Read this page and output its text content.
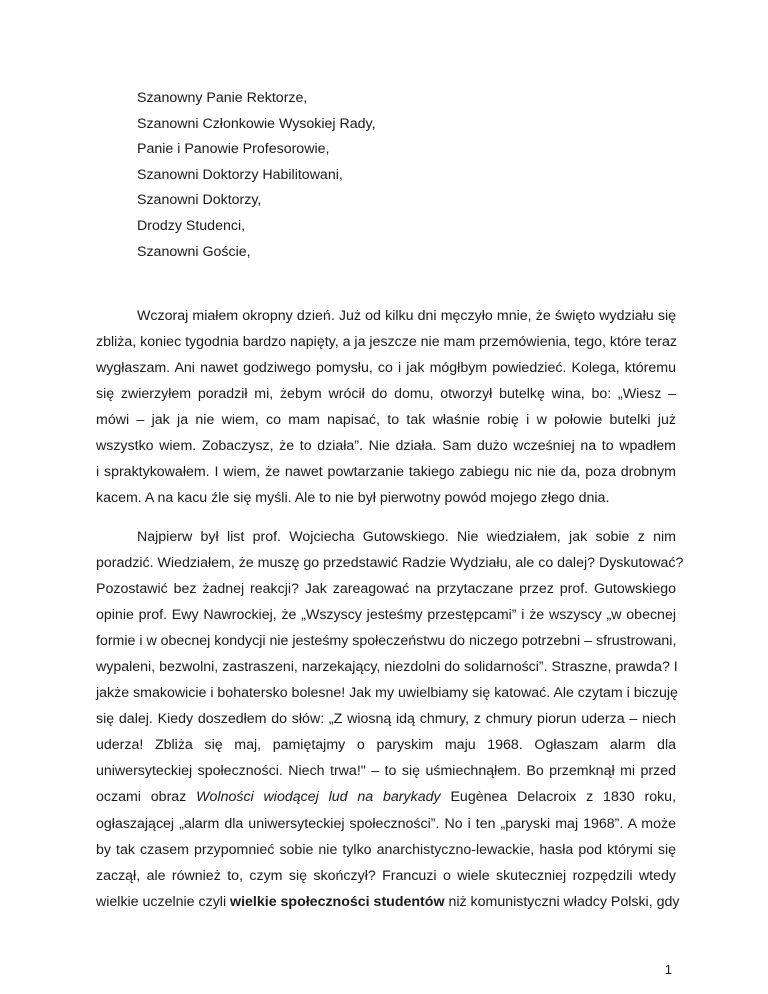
Szanowny Panie Rektorze,
Szanowni Członkowie Wysokiej Rady,
Panie i Panowie Profesorowie,
Szanowni Doktorzy Habilitowani,
Szanowni Doktorzy,
Drodzy Studenci,
Szanowni Goście,
Wczoraj miałem okropny dzień. Już od kilku dni męczyło mnie, że święto wydziału się
zbliża, koniec tygodnia bardzo napięty, a ja jeszcze nie mam przemówienia, tego, które teraz
wygłaszam. Ani nawet godziwego pomysłu, co i jak mógłbym powiedzieć. Kolega, któremu
się zwierzyłem poradził mi, żebym wrócił do domu, otworzył butelkę wina, bo: „Wiesz –
mówi – jak ja nie wiem, co mam napisać, to tak właśnie robię i w połowie butelki już
wszystko wiem. Zobaczysz, że to działa”. Nie działa. Sam dużo wcześniej na to wpadłem
i spraktykowałem. I wiem, że nawet powtarzanie takiego zabiegu nic nie da, poza drobnym
kacem. A na kacu źle się myśli. Ale to nie był pierwotny powód mojego złego dnia.
Najpierw był list prof. Wojciecha Gutowskiego. Nie wiedziałem, jak sobie z nim
poradzić. Wiedziałem, że muszę go przedstawić Radzie Wydziału, ale co dalej? Dyskutować?
Pozostawić bez żadnej reakcji? Jak zareagować na przytaczane przez prof. Gutowskiego
opinie prof. Ewy Nawrockiej, że „Wszyscy jesteśmy przestępcami” i że wszyscy „w obecnej
formie i w obecnej kondycji nie jesteśmy społeczeństwu do niczego potrzebni – sfrustrowani,
wypaleni, bezwolni, zastraszeni, narzekający, niezdolni do solidarności”. Straszne, prawda? I
jakże smakowicie i bohatersko bolesne! Jak my uwielbiamy się katować. Ale czytam i biczuję
się dalej. Kiedy doszedłem do słów: „Z wiosną idą chmury, z chmury piorun uderza – niech
uderza! Zbliża się maj, pamiętajmy o paryskim maju 1968. Ogłaszam alarm dla
uniwersyteckiej społeczności. Niech trwa!" – to się uśmiechnąłem. Bo przemknął mi przed
oczami obraz Wolności wiodącej lud na barykady Eugènea Delacroix z 1830 roku,
ogłaszającej „alarm dla uniwersyteckiej społeczności”. No i ten „paryski maj 1968”. A może
by tak czasem przypomnieć sobie nie tylko anarchistyczno-lewackie, hasła pod którymi się
zaczął, ale również to, czym się skończył? Francuzi o wiele skuteczniej rozpędzili wtedy
wielkie uczelnie czyli wielkie społeczności studentów niż komunistyczni władcy Polski, gdy
1
